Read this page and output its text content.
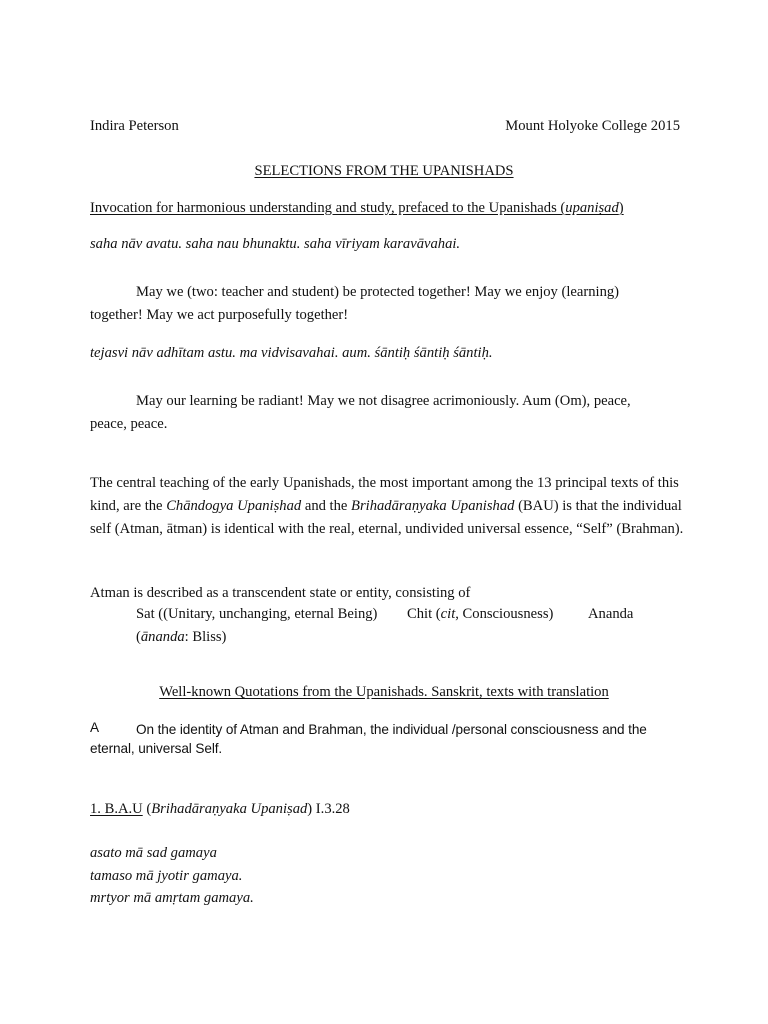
Indira Peterson	Mount Holyoke College 2015
SELECTIONS FROM THE UPANISHADS
Invocation for harmonious understanding and study, prefaced to the Upanishads (upaniṣad)
saha nāv avatu. saha nau bhunaktu. saha vīriyam karavāvahai.
May we (two: teacher and student) be protected together! May we enjoy (learning) together! May we act purposefully together!
tejasvi nāv adhītam astu. ma vidvisavahai. aum. śāntiḥ śāntiḥ śāntiḥ.
May our learning be radiant! May we not disagree acrimoniously. Aum (Om), peace, peace, peace.
The central teaching of the early Upanishads, the most important among the 13 principal texts of this kind, are the Chāndogya Upaniṣhad and the Brihadāraṇyaka Upanishad (BAU) is that the individual self (Atman, ātman) is identical with the real, eternal, undivided universal essence, “Self” (Brahman).
Atman is described as a transcendent state or entity, consisting of
Sat ((Unitary, unchanging, eternal Being) Chit (cit, Consciousness) Ananda
(ānanda: Bliss)
Well-known Quotations from the Upanishads. Sanskrit, texts with translation
A	On the identity of Atman and Brahman, the individual /personal consciousness and the eternal, universal Self.
1. B.A.U (Brihadāraṇyaka Upaniṣad) I.3.28
asato mā sad gamaya
tamaso mā jyotir gamaya.
mrtyor mā amṛtam gamaya.
